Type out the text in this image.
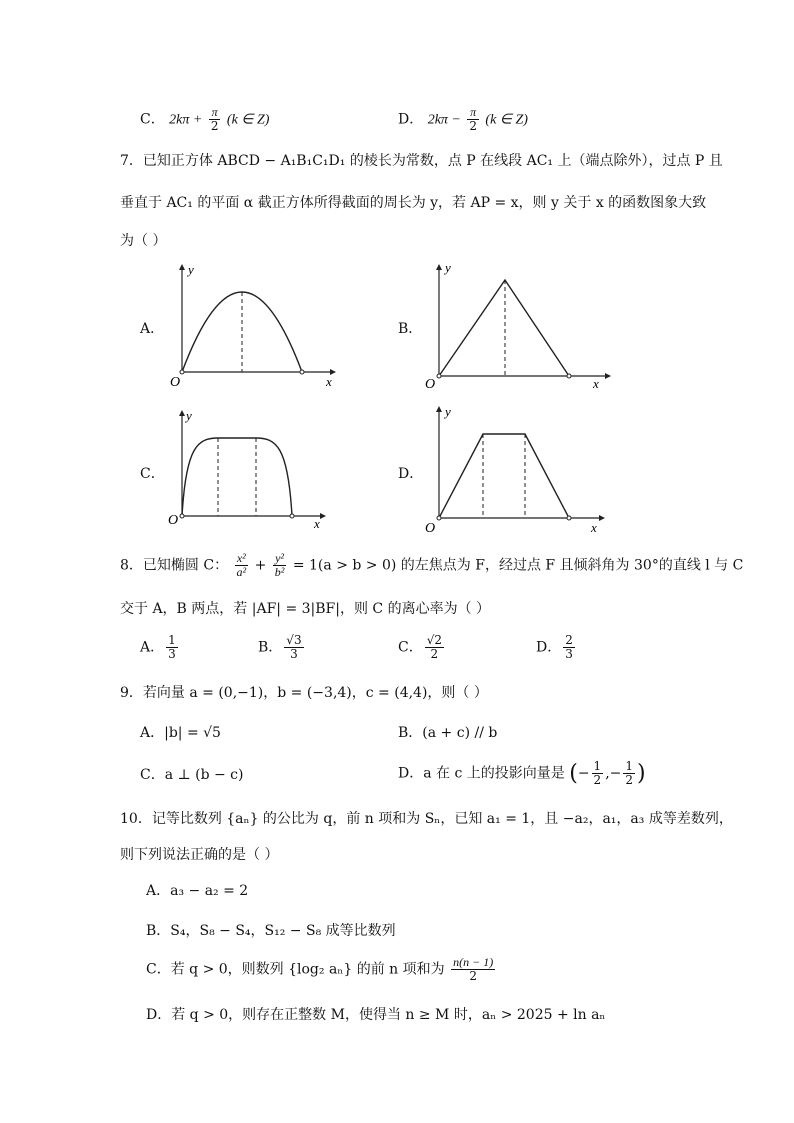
C． $2k\pi + \frac{\pi}{2} (k$ ∈ Z)	D． $2k\pi - \frac{\pi}{2} (k$ ∈ Z)
7．已知正方体 ABCD − A₁B₁C₁D₁ 的棱长为常数，点 P 在线段 AC₁ 上（端点除外），过点 P 且
垂直于 AC₁ 的平面 α 截正方体所得截面的周长为 y，若 AP = x，则 y 关于 x 的函数图象大致
为（ ）
A．	B．
C．	D．
y
x
O
y
x
O
y
x
O
y
x
O
8．已知椭圆 C： $\frac{\text{x²}}{\text{a²}} + \frac{\text{y²}}{\text{b²}} = 1(a > b > 0)$ 的左焦点为 F，经过点 F 且倾斜角为 30°的直线 l 与 C
交于 A，B 两点，若 |AF| = 3|BF|，则 C 的离心率为（ ）
A． $\frac{1}{3}$	B． $\frac{√3}{3}$	C． $\frac{√2}{2}$	D． $\frac{2}{3}$
9．若向量 a = (0,−1)，b = (−3,4)，c = (4,4)，则（ ）
A．|b| = √5	B．(a + c) // b
C．a ⊥ (b − c)	D．a 在 c 上的投影向量是 (− $\frac{1}{2}$ ,− $\frac{1}{2}$ )
10．记等比数列 {aₙ} 的公比为 q，前 n 项和为 Sₙ，已知 a₁ = 1，且 −a₂，a₁，a₃ 成等差数列，
则下列说法正确的是（ ）
A．a₃ − a₂ = 2
B．S₄，S₈ − S₄，S₁₂ − S₈ 成等比数列
C．若 q > 0，则数列 {log₂ aₙ} 的前 n 项和为 $\frac{n(n - 1)}{2}$
D．若 q > 0，则存在正整数 M，使得当 n ≥ M 时，aₙ > 2025 + ln aₙ
